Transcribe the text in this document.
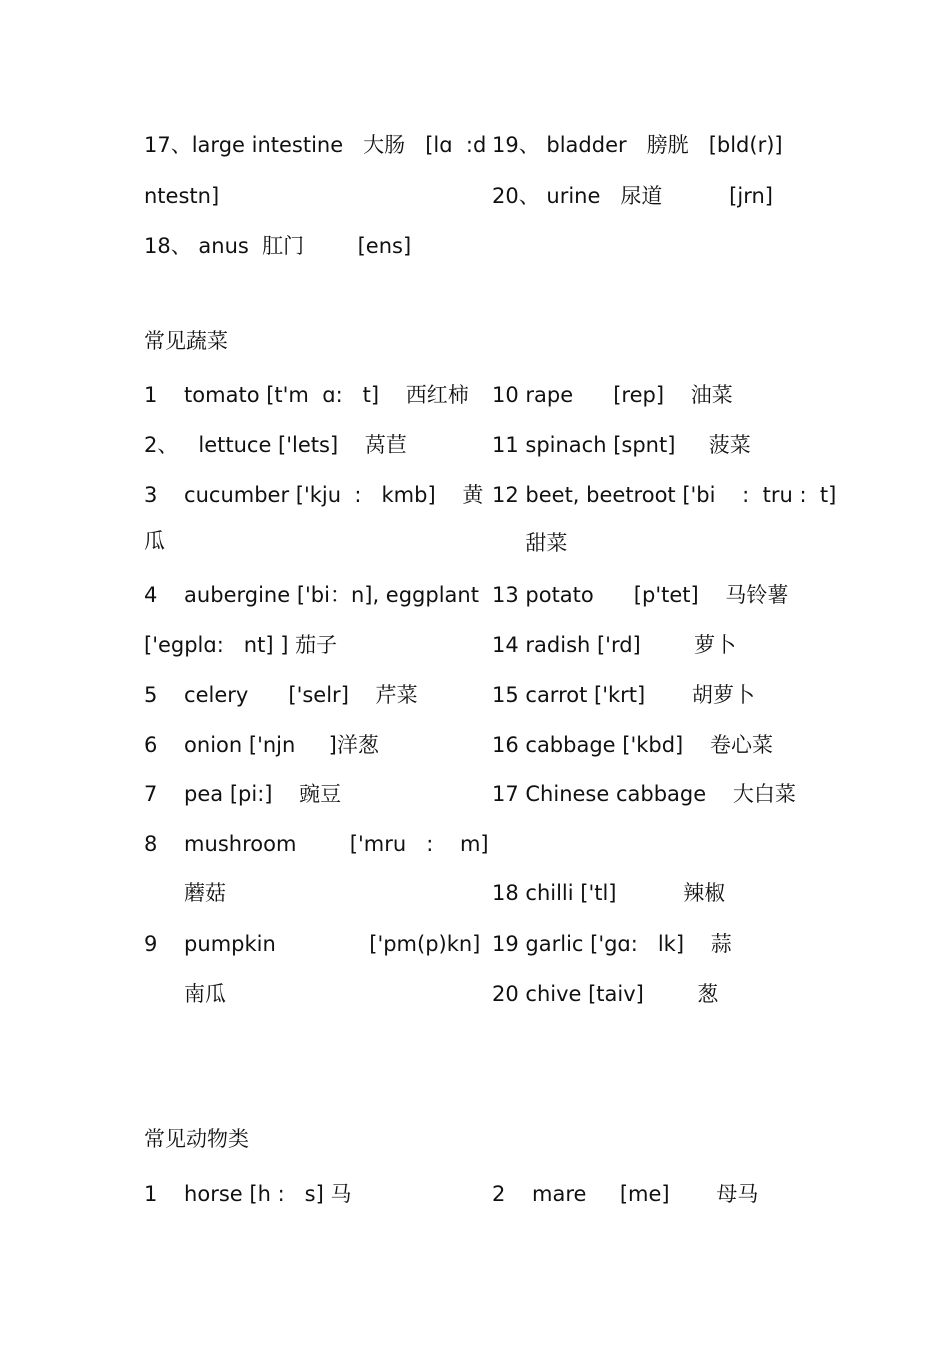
17、large intestine   大肠   [lɑ  :d
ntestn]
18、 anus  肛门        [ens]
19、 bladder   膀胱   [bld(r)]
20、 urine   尿道          [jrn]
常见蔬菜
1    tomato [t'm  ɑ:   t]    西红柿
2、   lettuce ['lets]    莴苣
3    cucumber ['kju  :   kmb]    黄
瓜
4    aubergine ['bi：n], eggplant
['egplɑ:   nt] ] 茄子
5    celery      ['selr]    芹菜
6    onion ['njn     ]洋葱
7    pea [pi:]    豌豆
8    mushroom        ['mru   :    m]
蘑菇
9    pumpkin              ['pm(p)kn]
南瓜
10 rape      [rep]    油菜
11 spinach [spnt]     菠菜
12 beet, beetroot ['bi    :  tru :  t]
甜菜
13 potato      [p'tet]    马铃薯
14 radish ['rd]        萝卜
15 carrot ['krt]       胡萝卜
16 cabbage ['kbd]    卷心菜
17 Chinese cabbage    大白菜
18 chilli ['tl]          辣椒
19 garlic ['gɑ:   lk]    蒜
20 chive [taiv]        葱
常见动物类
1    horse [h :   s] 马	2    mare     [me]       母马
